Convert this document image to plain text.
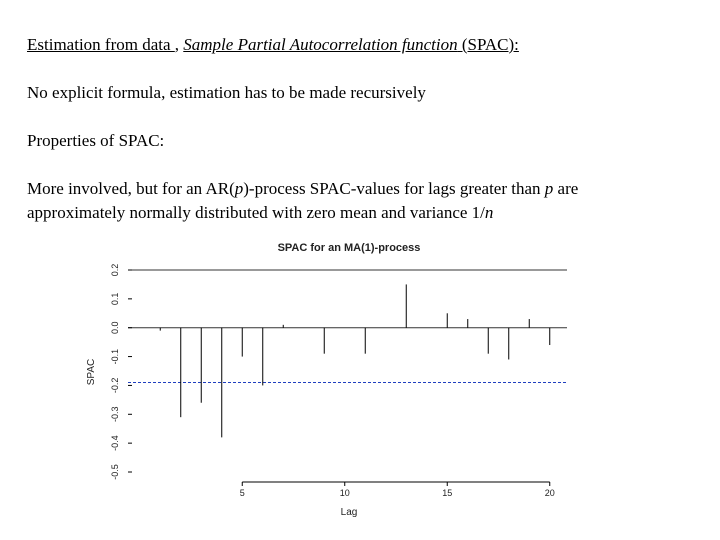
Estimation from data , Sample Partial Autocorrelation function (SPAC):
No explicit formula, estimation has to be made recursively
Properties of SPAC:
More involved, but for an AR(p)-process SPAC-values for lags greater than p are
approximately normally distributed with zero mean and variance 1/n
SPAC for an MA(1)-process
Lag
SPAC
5	10	15	20
-0.5
-0.4
-0.3
-0.2
-0.1
0.0
0.1
0.2
